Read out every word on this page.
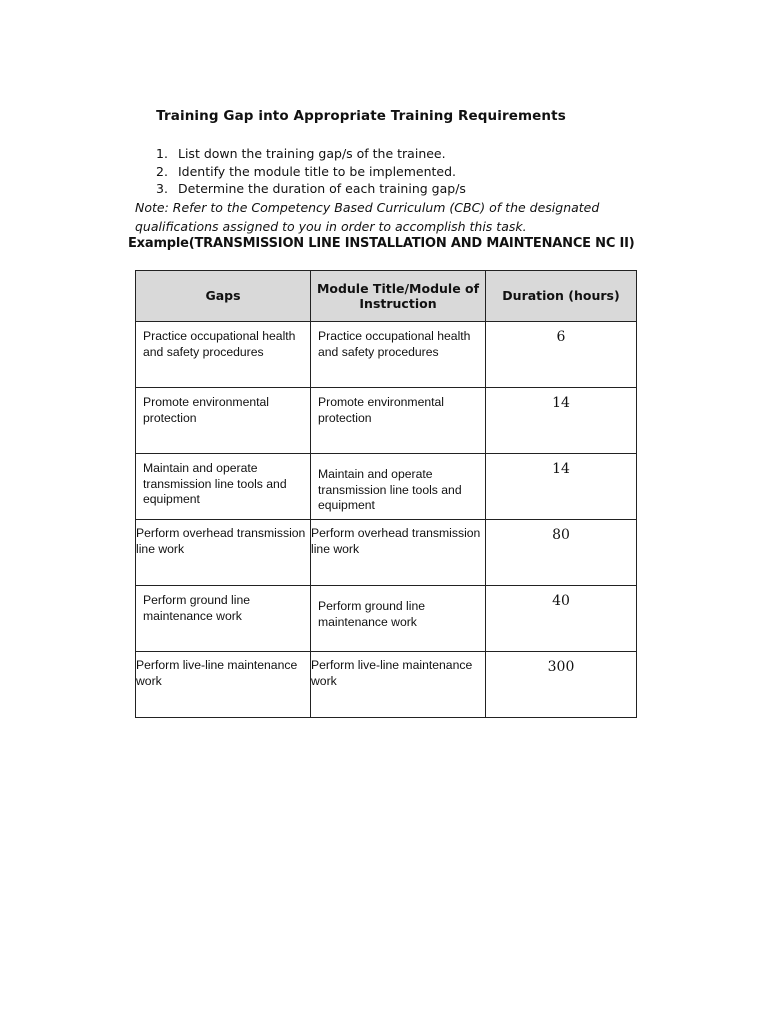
Training Gap into Appropriate Training Requirements
1. List down the training gap/s of the trainee.
2. Identify the module title to be implemented.
3. Determine the duration of each training gap/s
Note: Refer to the Competency Based Curriculum (CBC) of the designated qualifications assigned to you in order to accomplish this task.
Example(TRANSMISSION LINE INSTALLATION AND MAINTENANCE NC II)
Gaps	Module Title/Module of Instruction	Duration (hours)

Practice occupational health and safety procedures	Practice occupational health and safety procedures	6

Promote environmental protection	Promote environmental protection	14

Maintain and operate transmission line tools and equipment	Maintain and operate transmission line tools and equipment	14

Perform overhead transmission line work	Perform overhead transmission line work	80

Perform ground line maintenance work	Perform ground line maintenance work	40

Perform live-line maintenance work	Perform live-line maintenance work	300
